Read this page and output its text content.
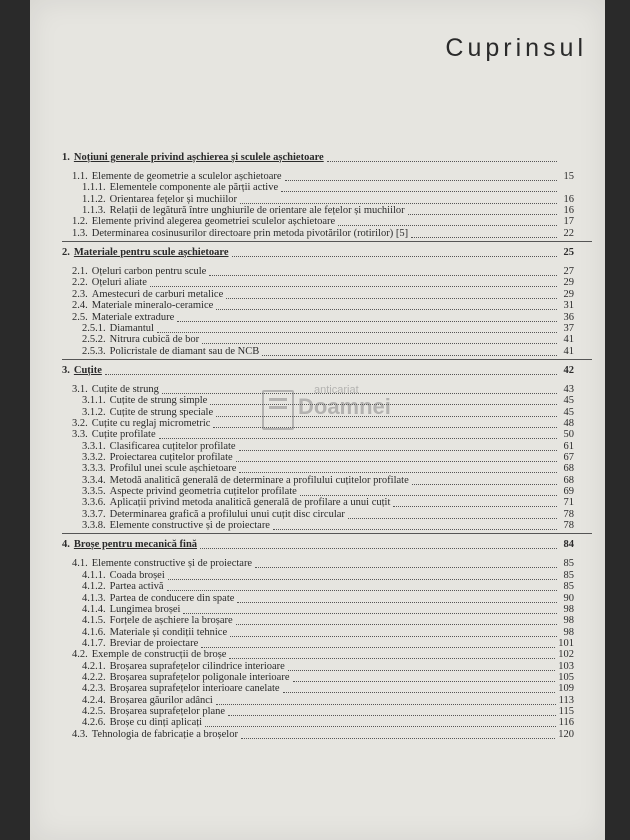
Cuprinsul
anticariat
Doamnei
1. Noțiuni generale privind așchierea și sculele așchietoare
1.1. Elemente de geometrie a sculelor așchietoare	15
1.1.1. Elementele componente ale părții active
1.1.2. Orientarea fețelor și muchiilor	16
1.1.3. Relații de legătură între unghiurile de orientare ale fețelor și muchiilor	16
1.2. Elemente privind alegerea geometriei sculelor așchietoare	17
1.3. Determinarea cosinusurilor directoare prin metoda pivotărilor (rotirilor) [5]	22
2. Materiale pentru scule așchietoare	25
2.1. Oțeluri carbon pentru scule	27
2.2. Oțeluri aliate	29
2.3. Amestecuri de carburi metalice	29
2.4. Materiale mineralo-ceramice	31
2.5. Materiale extradure	36
2.5.1. Diamantul	37
2.5.2. Nitrura cubică de bor	41
2.5.3. Policristale de diamant sau de NCB	41
3. Cuțite	42
3.1. Cuțite de strung	43
3.1.1. Cuțite de strung simple	45
3.1.2. Cuțite de strung speciale	45
3.2. Cuțite cu reglaj micrometric	48
3.3. Cuțite profilate	50
3.3.1. Clasificarea cuțitelor profilate	61
3.3.2. Proiectarea cuțitelor profilate	67
3.3.3. Profilul unei scule așchietoare	68
3.3.4. Metodă analitică generală de determinare a profilului cuțitelor profilate	68
3.3.5. Aspecte privind geometria cuțitelor profilate	69
3.3.6. Aplicații privind metoda analitică generală de profilare a unui cuțit	71
3.3.7. Determinarea grafică a profilului unui cuțit disc circular	78
3.3.8. Elemente constructive și de proiectare	78
4. Broșe pentru mecanică fină	84
4.1. Elemente constructive și de proiectare	85
4.1.1. Coada broșei	85
4.1.2. Partea activă	85
4.1.3. Partea de conducere din spate	90
4.1.4. Lungimea broșei	98
4.1.5. Forțele de așchiere la broșare	98
4.1.6. Materiale și condiții tehnice	98
4.1.7. Breviar de proiectare	101
4.2. Exemple de construcții de broșe	102
4.2.1. Broșarea suprafețelor cilindrice interioare	103
4.2.2. Broșarea suprafețelor poligonale interioare	105
4.2.3. Broșarea suprafețelor interioare canelate	109
4.2.4. Broșarea găurilor adânci	113
4.2.5. Broșarea suprafețelor plane	115
4.2.6. Broșe cu dinți aplicați	116
4.3. Tehnologia de fabricație a broșelor	120
